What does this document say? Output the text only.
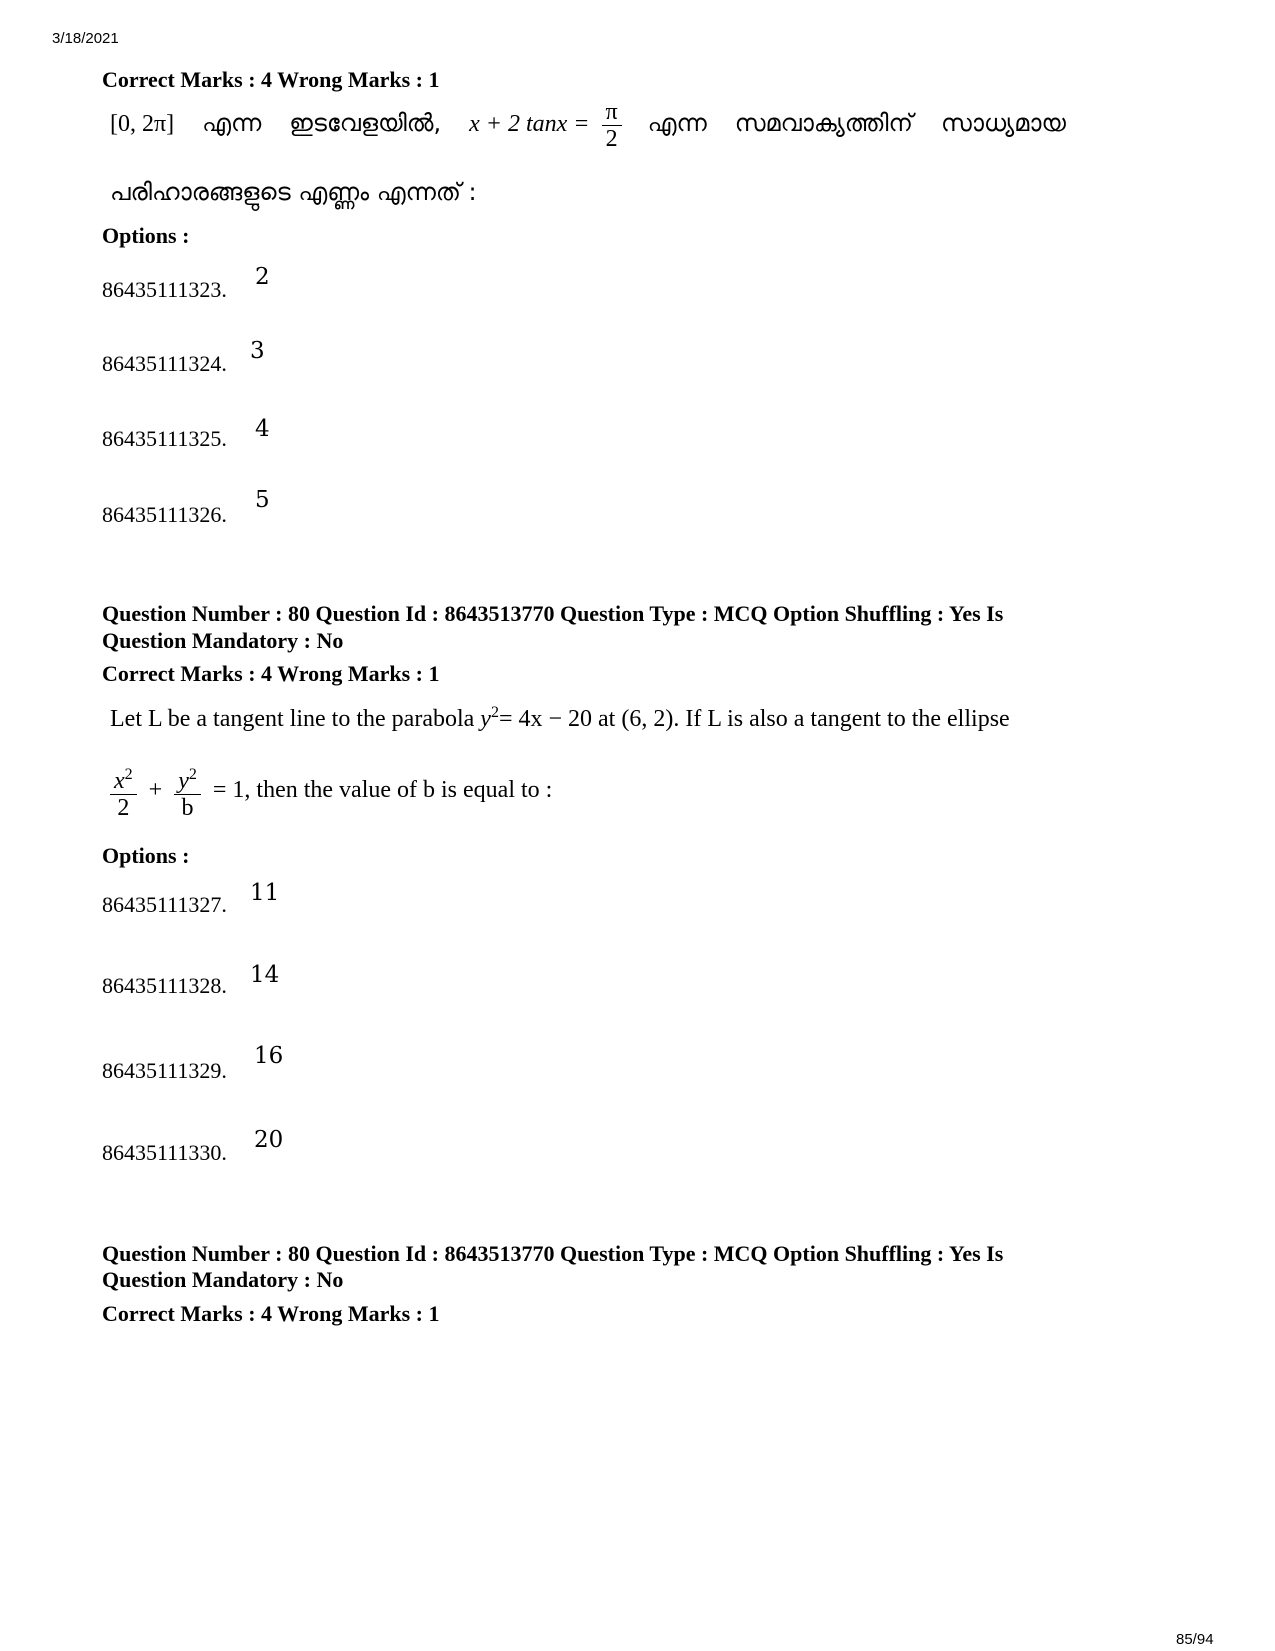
3/18/2021
Correct Marks : 4 Wrong Marks : 1
[0, 2π] എന്ന ഇടവേളയിൽ, x + 2 $\tan x = \frac{\pi}{2}$ എന്ന സമവാക്യത്തിന് സാധ്യമായ
പരിഹാരങ്ങളുടെ എണ്ണം എന്നത് :
Options :
86435111323. 2
86435111324. 3
86435111325. 4
86435111326.
5
Question Number : 80 Question Id : 8643513770 Question Type : MCQ Option Shuffling : Yes Is
Question Mandatory : No
Correct Marks : 4 Wrong Marks : 1
Let L be a tangent line to the parabola $y^2= 4x - 20$ at (6, 2). If L is also a tangent to the ellipse
$\frac{x^2}{2} + \frac{y^2}{b} = 1$, then the value of b is equal to :
Options :
86435111327. 11
86435111328. 14
86435111329.
16
86435111330. 20
Question Number : 80 Question Id : 8643513770 Question Type : MCQ Option Shuffling : Yes Is
Question Mandatory : No
Correct Marks : 4 Wrong Marks : 1
85/94
